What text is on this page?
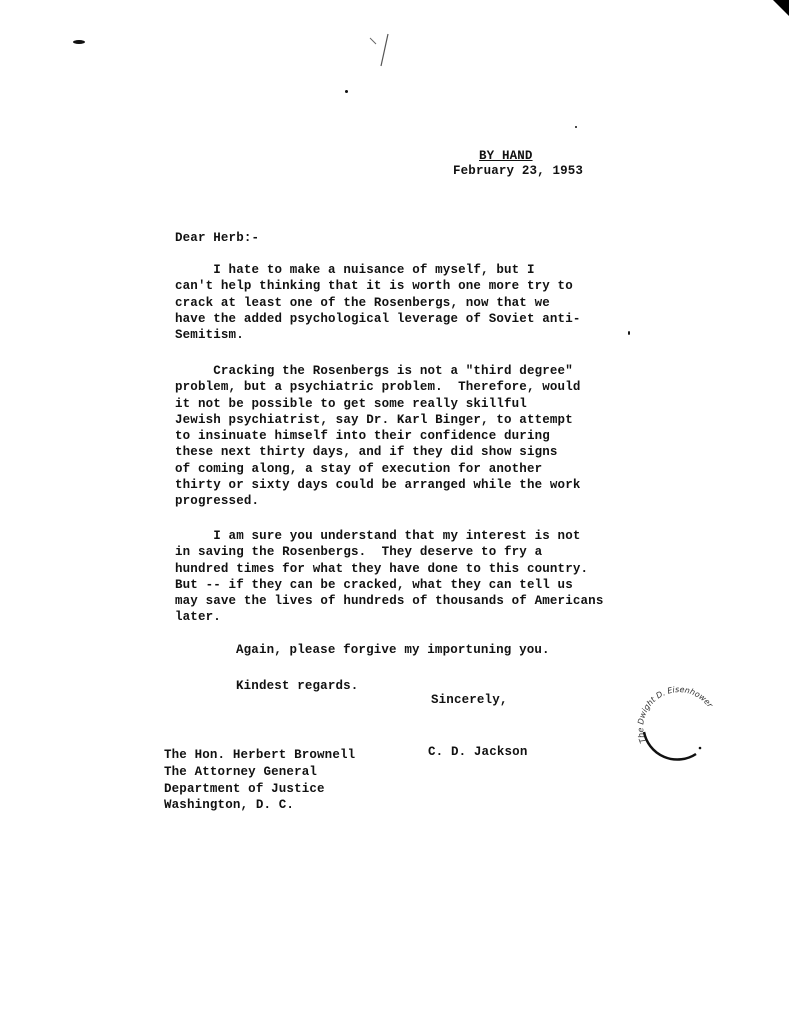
BY HAND
February 23, 1953
Dear Herb:-

I hate to make a nuisance of myself, but I
can't help thinking that it is worth one more try to
crack at least one of the Rosenbergs, now that we
have the added psychological leverage of Soviet anti-
Semitism.

Cracking the Rosenbergs is not a "third degree"
problem, but a psychiatric problem.  Therefore, would
it not be possible to get some really skillful
Jewish psychiatrist, say Dr. Karl Binger, to attempt
to insinuate himself into their confidence during
these next thirty days, and if they did show signs
of coming along, a stay of execution for another
thirty or sixty days could be arranged while the work
progressed.

I am sure you understand that my interest is not
in saving the Rosenbergs.  They deserve to fry a
hundred times for what they have done to this country.
But -- if they can be cracked, what they can tell us
may save the lives of hundreds of thousands of Americans
later.

Again, please forgive my importuning you.

Kindest regards.
Sincerely,
C. D. Jackson

The Hon. Herbert Brownell
The Attorney General
Department of Justice
Washington, D. C.

The Dwight D. Eisenhower
